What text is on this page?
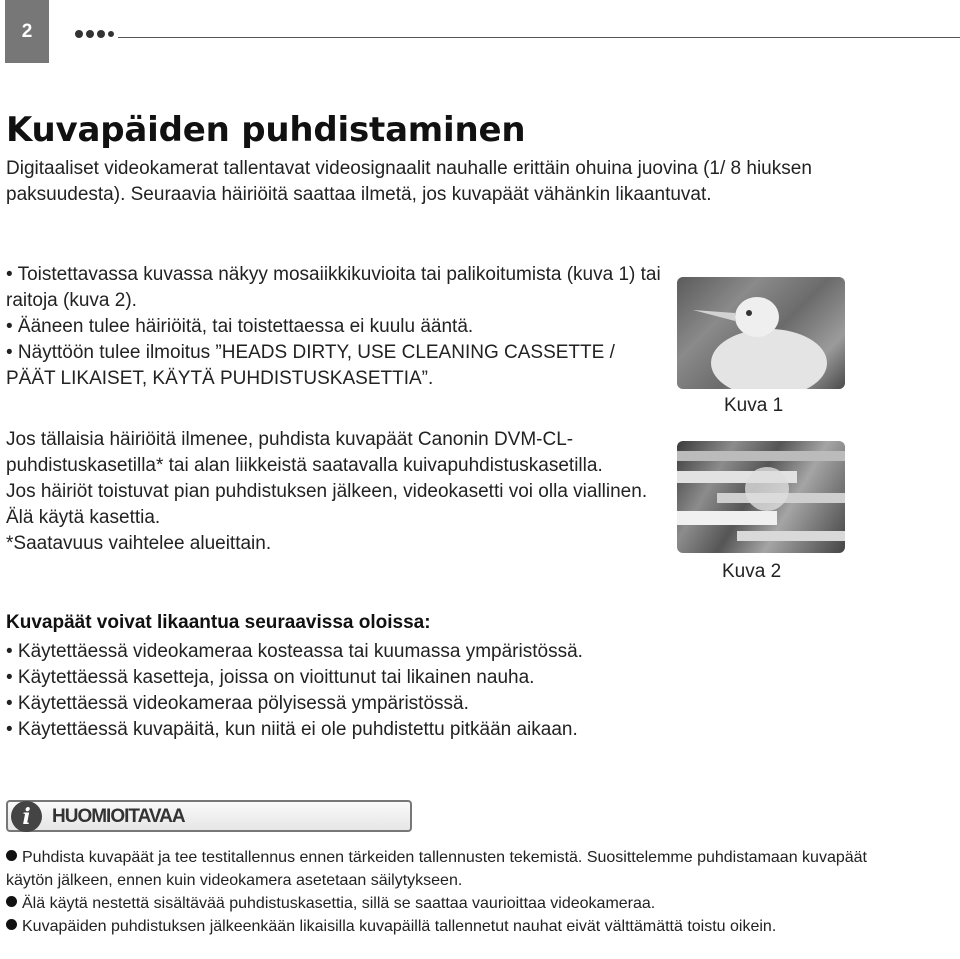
2
Kuvapäiden puhdistaminen
Digitaaliset videokamerat tallentavat videosignaalit nauhalle erittäin ohuina juovina (1/ 8 hiuksen paksuudesta). Seuraavia häiriöitä saattaa ilmetä, jos kuvapäät vähänkin likaantuvat.
• Toistettavassa kuvassa näkyy mosaiikkikuvioita tai palikoitumista (kuva 1) tai raitoja (kuva 2).
• Ääneen tulee häiriöitä, tai toistettaessa ei kuulu ääntä.
• Näyttöön tulee ilmoitus ”HEADS DIRTY, USE CLEANING CASSETTE / PÄÄT LIKAISET, KÄYTÄ PUHDISTUSKASETTIA”.
Kuva 1
Kuva 2
Jos tällaisia häiriöitä ilmenee, puhdista kuvapäät Canonin DVM-CL-puhdistuskasetilla* tai alan liikkeistä saatavalla kuivapuhdistuskasetilla.
Jos häiriöt toistuvat pian puhdistuksen jälkeen, videokasetti voi olla viallinen. Älä käytä kasettia.
*Saatavuus vaihtelee alueittain.
Kuvapäät voivat likaantua seuraavissa oloissa:
• Käytettäessä videokameraa kosteassa tai kuumassa ympäristössä.
• Käytettäessä kasetteja, joissa on vioittunut tai likainen nauha.
• Käytettäessä videokameraa pölyisessä ympäristössä.
• Käytettäessä kuvapäitä, kun niitä ei ole puhdistettu pitkään aikaan.
i	HUOMIOITAVAA
Puhdista kuvapäät ja tee testitallennus ennen tärkeiden tallennusten tekemistä. Suosittelemme puhdistamaan kuvapäät käytön jälkeen, ennen kuin videokamera asetetaan säilytykseen.
Älä käytä nestettä sisältävää puhdistuskasettia, sillä se saattaa vaurioittaa videokameraa.
Kuvapäiden puhdistuksen jälkeenkään likaisilla kuvapäillä tallennetut nauhat eivät välttämättä toistu oikein.
